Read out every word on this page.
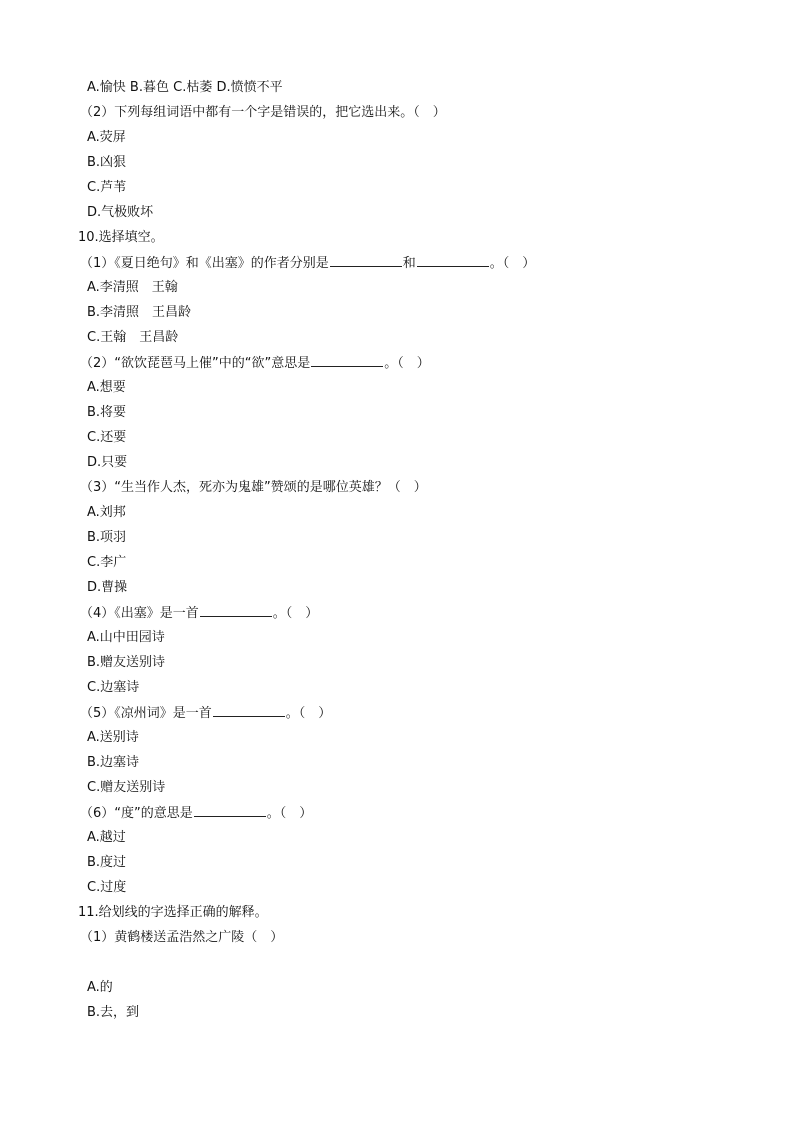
A.愉快 B.暮色 C.枯萎 D.愤愤不平
（2）下列每组词语中都有一个字是错误的，把它选出来。（　）
A.荧屏
B.凶狠
C.芦苇
D.气极败坏
10.选择填空。
（1）《夏日绝句》和《出塞》的作者分别是	和	。（　）
A.李清照　王翰
B.李清照　王昌龄
C.王翰　王昌龄
（2）“欲饮琵琶马上催”中的“欲”意思是	。（　）
A.想要
B.将要
C.还要
D.只要
（3）“生当作人杰，死亦为鬼雄”赞颂的是哪位英雄？（　）
A.刘邦
B.项羽
C.李广
D.曹操
（4）《出塞》是一首	。（　）
A.山中田园诗
B.赠友送别诗
C.边塞诗
（5）《凉州词》是一首	。（　）
A.送别诗
B.边塞诗
C.赠友送别诗
（6）“度”的意思是	。（　）
A.越过
B.度过
C.过度
11.给划线的字选择正确的解释。
（1）黄鹤楼送孟浩然之广陵（　）
A.的
B.去，到
